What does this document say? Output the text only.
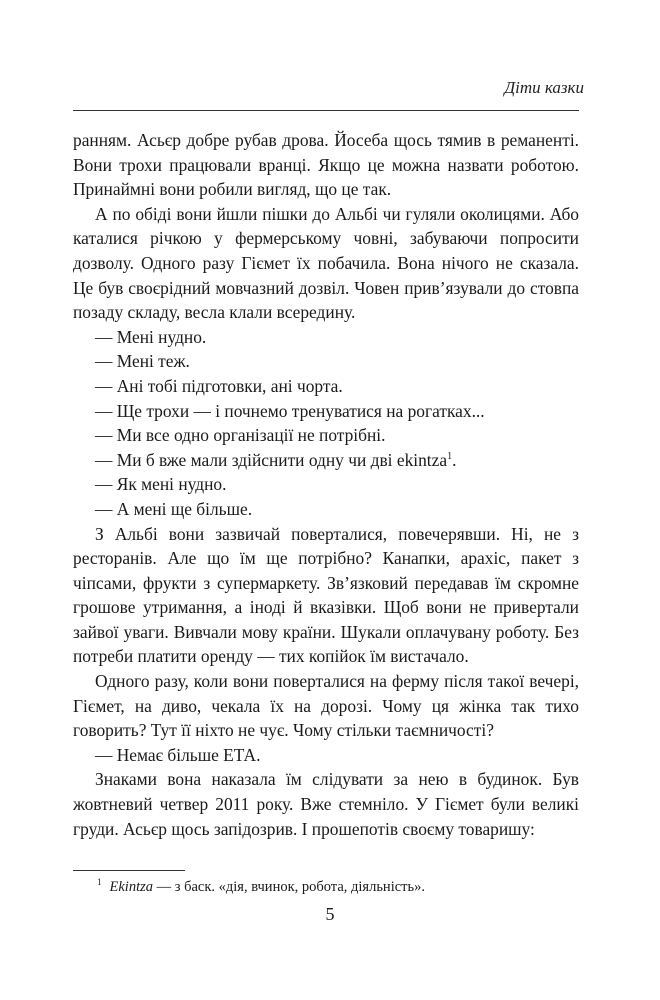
Діти казки

ранням. Асьєр добре рубав дрова. Йосеба щось тямив в реманенті. Вони трохи працювали вранці. Якщо це можна назвати роботою. Принаймні вони робили вигляд, що це так.

А по обіді вони йшли пішки до Альбі чи гуляли околицями. Або каталися річкою у фермерському човні, забуваючи попросити дозволу. Одного разу Гіємет їх побачила. Вона нічого не сказала. Це був своєрідний мовчазний дозвіл. Човен прив’язували до стовпа позаду складу, весла клали всередину.

— Мені нудно.

— Мені теж.

— Ані тобі підготовки, ані чорта.

— Ще трохи — і почнемо тренуватися на рогатках...

— Ми все одно організації не потрібні.

— Ми б вже мали здійснити одну чи дві ekintza$^1$.

— Як мені нудно.

— А мені ще більше.

З Альбі вони зазвичай поверталися, повечерявши. Ні, не з ресторанів. Але що їм ще потрібно? Канапки, арахіс, пакет з чіпсами, фрукти з супермаркету. Зв’язковий передавав їм скромне грошове утримання, а іноді й вказівки. Щоб вони не привертали зайвої уваги. Вивчали мову країни. Шукали оплачувану роботу. Без потреби платити оренду — тих копійок їм вистачало.

Одного разу, коли вони поверталися на ферму після такої вечері, Гіємет, на диво, чекала їх на дорозі. Чому ця жінка так тихо говорить? Тут її ніхто не чує. Чому стільки таємничості?

— Немає більше ЕТА.

Знаками вона наказала їм слідувати за нею в будинок. Був жовтневий четвер 2011 року. Вже стемніло. У Гіємет були великі груди. Асьєр щось запідозрив. І прошепотів своєму товаришу:

$^1$ Ekintza — з баск. «дія, вчинок, робота, діяльність».
5
